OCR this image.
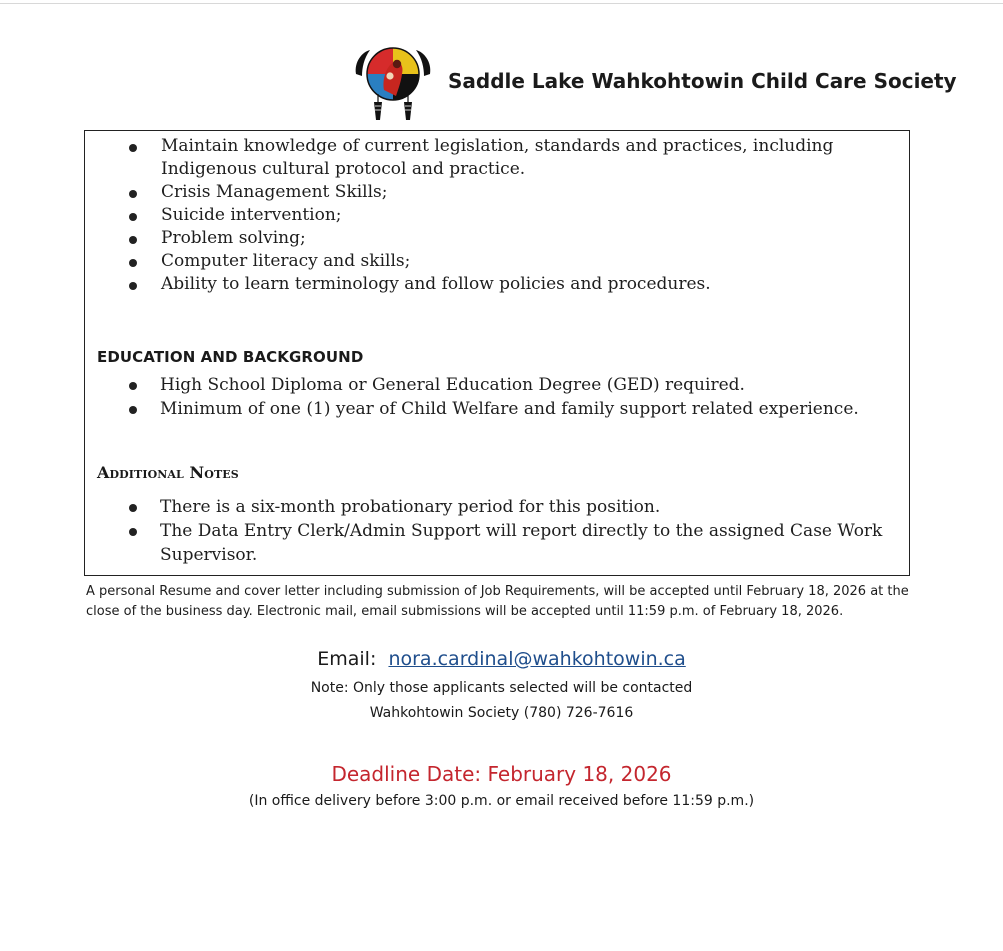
Saddle Lake Wahkohtowin Child Care Society
Maintain knowledge of current legislation, standards and practices, including Indigenous cultural protocol and practice.
Crisis Management Skills;
Suicide intervention;
Problem solving;
Computer literacy and skills;
Ability to learn terminology and follow policies and procedures.
EDUCATION AND BACKGROUND
High School Diploma or General Education Degree (GED) required.
Minimum of one (1) year of Child Welfare and family support related experience.
Additional Notes
There is a six-month probationary period for this position.
The Data Entry Clerk/Admin Support will report directly to the assigned Case Work Supervisor.
A personal Resume and cover letter including submission of Job Requirements, will be accepted until February 18, 2026 at the close of the business day. Electronic mail, email submissions will be accepted until 11:59 p.m. of February 18, 2026.
Email: nora.cardinal@wahkohtowin.ca
Note: Only those applicants selected will be contacted
Wahkohtowin Society (780) 726-7616
Deadline Date: February 18, 2026
(In office delivery before 3:00 p.m. or email received before 11:59 p.m.)
